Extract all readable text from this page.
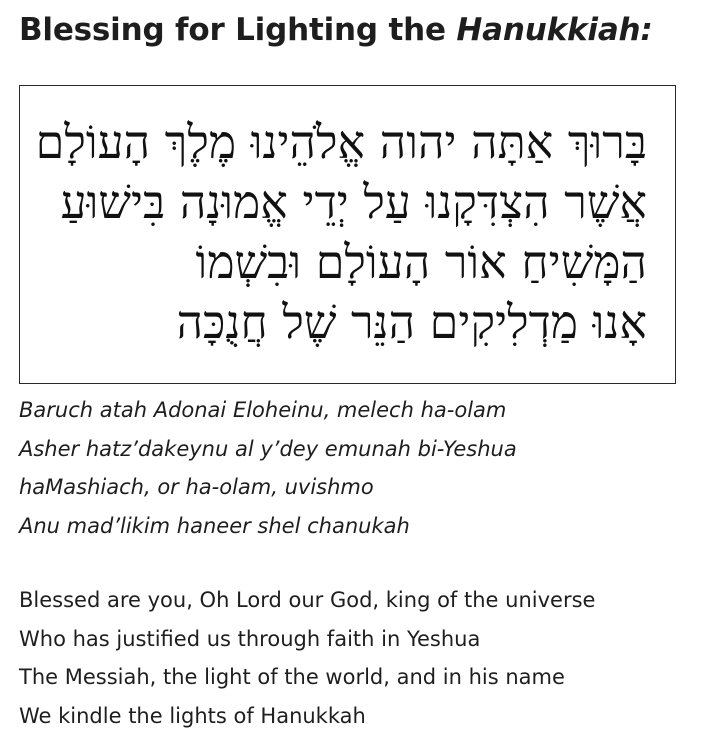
Blessing for Lighting the Hanukkiah:
בָּרוּךְ אַתָּה יהוה אֱלֹהֵינוּ מֶלֶךְ הָעוֹלָם
אֲשֶׁר הִצְדִּקָנוּ עַל יְדֵי אֱמוּנָה בִּישׁוּעַ
הַמָּשִׁיחַ אוֹר הָעוֹלָם וּבִשְׁמוֹ
אָנוּ מַדְלִיקִים הַנֵּר שֶׁל חֲנֻכָּה
Baruch atah Adonai Eloheinu, melech ha-olam
Asher hatz’dakeynu al y’dey emunah bi-Yeshua
haMashiach, or ha-olam, uvishmo
Anu mad’likim haneer shel chanukah
Blessed are you, Oh Lord our God, king of the universe
Who has justified us through faith in Yeshua
The Messiah, the light of the world, and in his name
We kindle the lights of Hanukkah
